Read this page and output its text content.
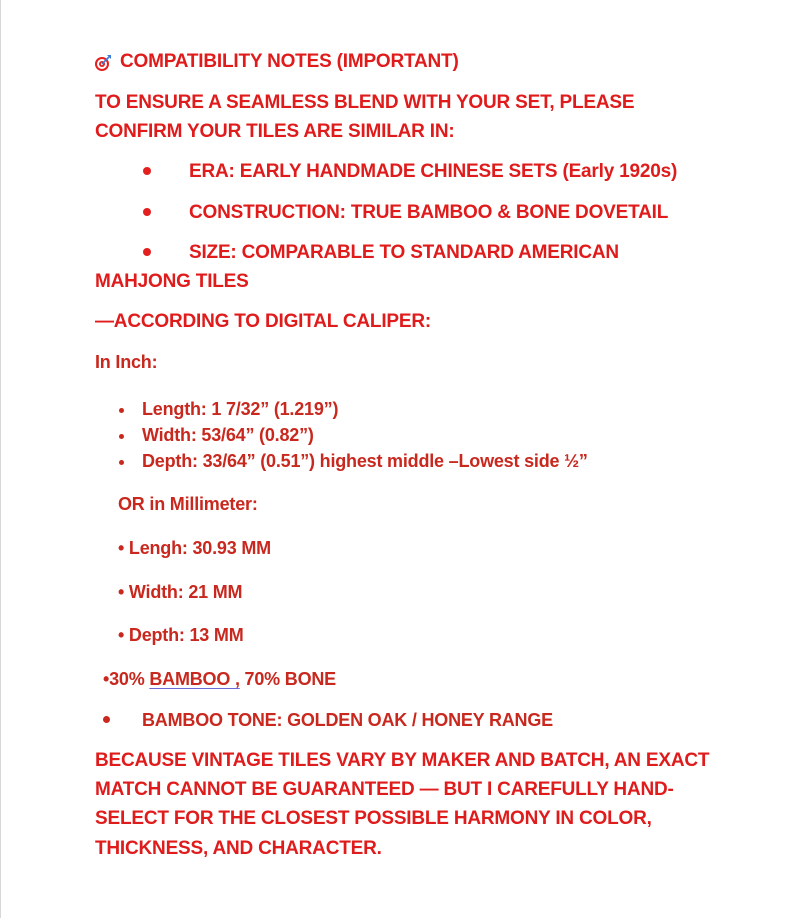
COMPATIBILITY NOTES (IMPORTANT)
TO ENSURE A SEAMLESS BLEND WITH YOUR SET, PLEASE
CONFIRM YOUR TILES ARE SIMILAR IN:
ERA: EARLY HANDMADE CHINESE SETS (Early 1920s)
CONSTRUCTION: TRUE BAMBOO & BONE DOVETAIL
SIZE: COMPARABLE TO STANDARD AMERICAN
MAHJONG TILES
—ACCORDING TO DIGITAL CALIPER:
In Inch:
Length: 1 7/32” (1.219”)
Width: 53/64” (0.82”)
Depth: 33/64” (0.51”) highest middle –Lowest side ½”
OR in Millimeter:
• Lengh: 30.93 MM
• Width: 21 MM
• Depth: 13 MM
•30% BAMBOO , 70% BONE
BAMBOO TONE: GOLDEN OAK / HONEY RANGE
BECAUSE VINTAGE TILES VARY BY MAKER AND BATCH, AN EXACT
MATCH CANNOT BE GUARANTEED — BUT I CAREFULLY HAND-
SELECT FOR THE CLOSEST POSSIBLE HARMONY IN COLOR,
THICKNESS, AND CHARACTER.
